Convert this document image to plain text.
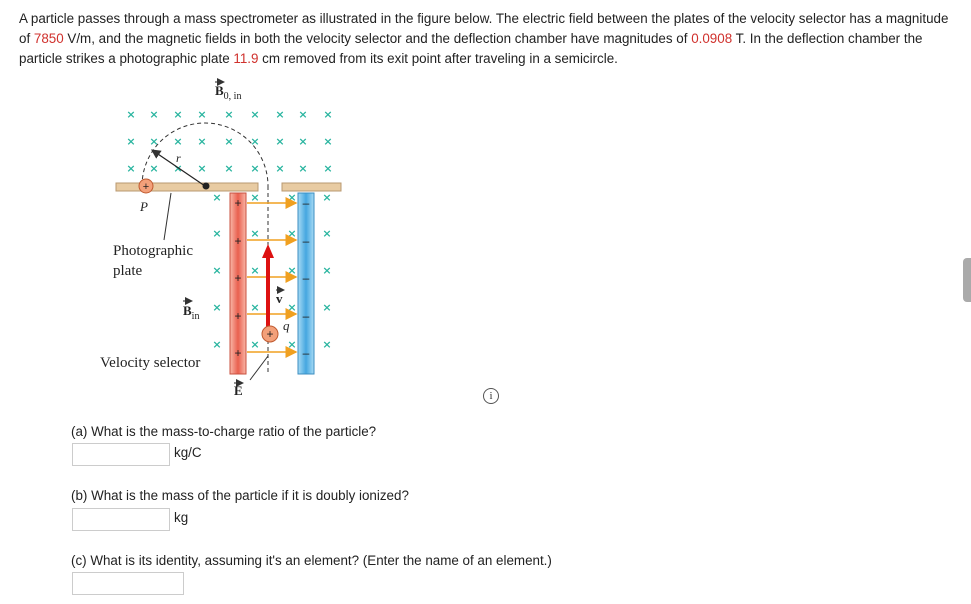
A particle passes through a mass spectrometer as illustrated in the figure below. The electric field between the plates of the velocity selector has a magnitude of 7850 V/m, and the magnetic fields in both the velocity selector and the deflection chamber have magnitudes of 0.0908 T. In the deflection chamber the particle strikes a photographic plate 11.9 cm removed from its exit point after traveling in a semicircle.
× × × × × × × × ×
× × × × × × × × ×
× × × × × × × × ×
×	×	× ×
×	×	× ×
×	×	× ×
×	×	× ×
×	×	× ×
r
+
P
$B_{0, in}$
+	–
+	–
+	–
+	–
+	–
v
+
q
E
Photographic plate
$B_{in}$
Velocity selector
i
(a) What is the mass-to-charge ratio of the particle?
kg/C
(b) What is the mass of the particle if it is doubly ionized?
kg
(c) What is its identity, assuming it's an element? (Enter the name of an element.)
